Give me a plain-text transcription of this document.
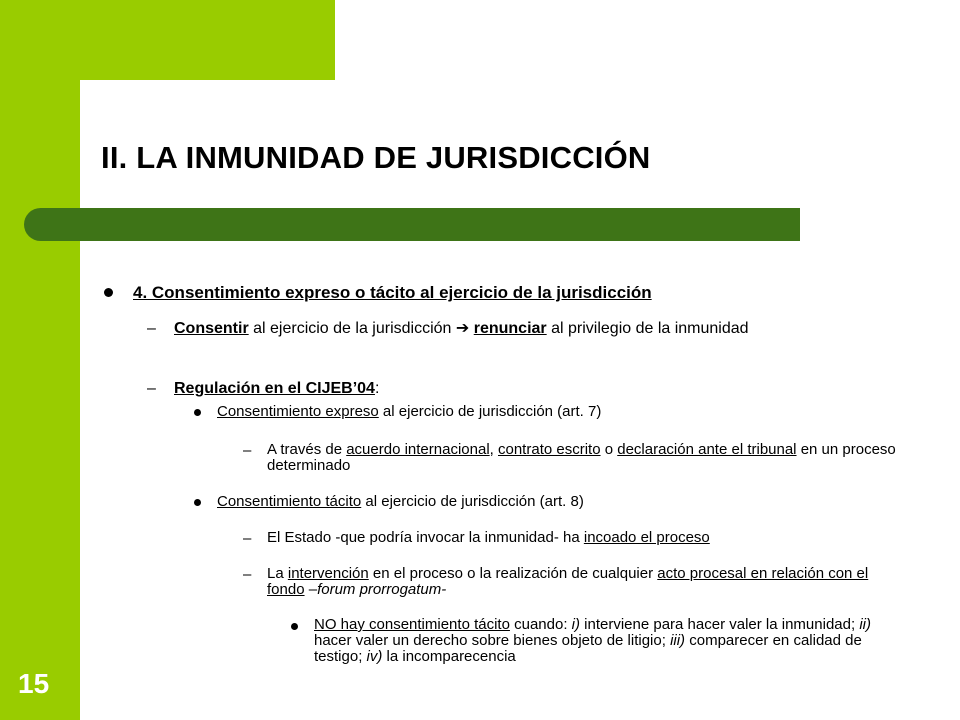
II. LA INMUNIDAD DE JURISDICCIÓN
15
4. Consentimiento expreso o tácito al ejercicio de la jurisdicción
– Consentir al ejercicio de la jurisdicción ➔ renunciar al privilegio de la inmunidad
– Regulación en el CIJEB’04:
Consentimiento expreso al ejercicio de jurisdicción (art. 7)
– A través de acuerdo internacional, contrato escrito o declaración ante el tribunal en un proceso determinado
Consentimiento tácito al ejercicio de jurisdicción (art. 8)
– El Estado -que podría invocar la inmunidad- ha incoado el proceso
– La intervención en el proceso o la realización de cualquier acto procesal en relación con el fondo –forum prorrogatum-
NO hay consentimiento tácito cuando: i) interviene para hacer valer la inmunidad; ii) hacer valer un derecho sobre bienes objeto de litigio; iii) comparecer en calidad de testigo; iv) la incomparecencia
